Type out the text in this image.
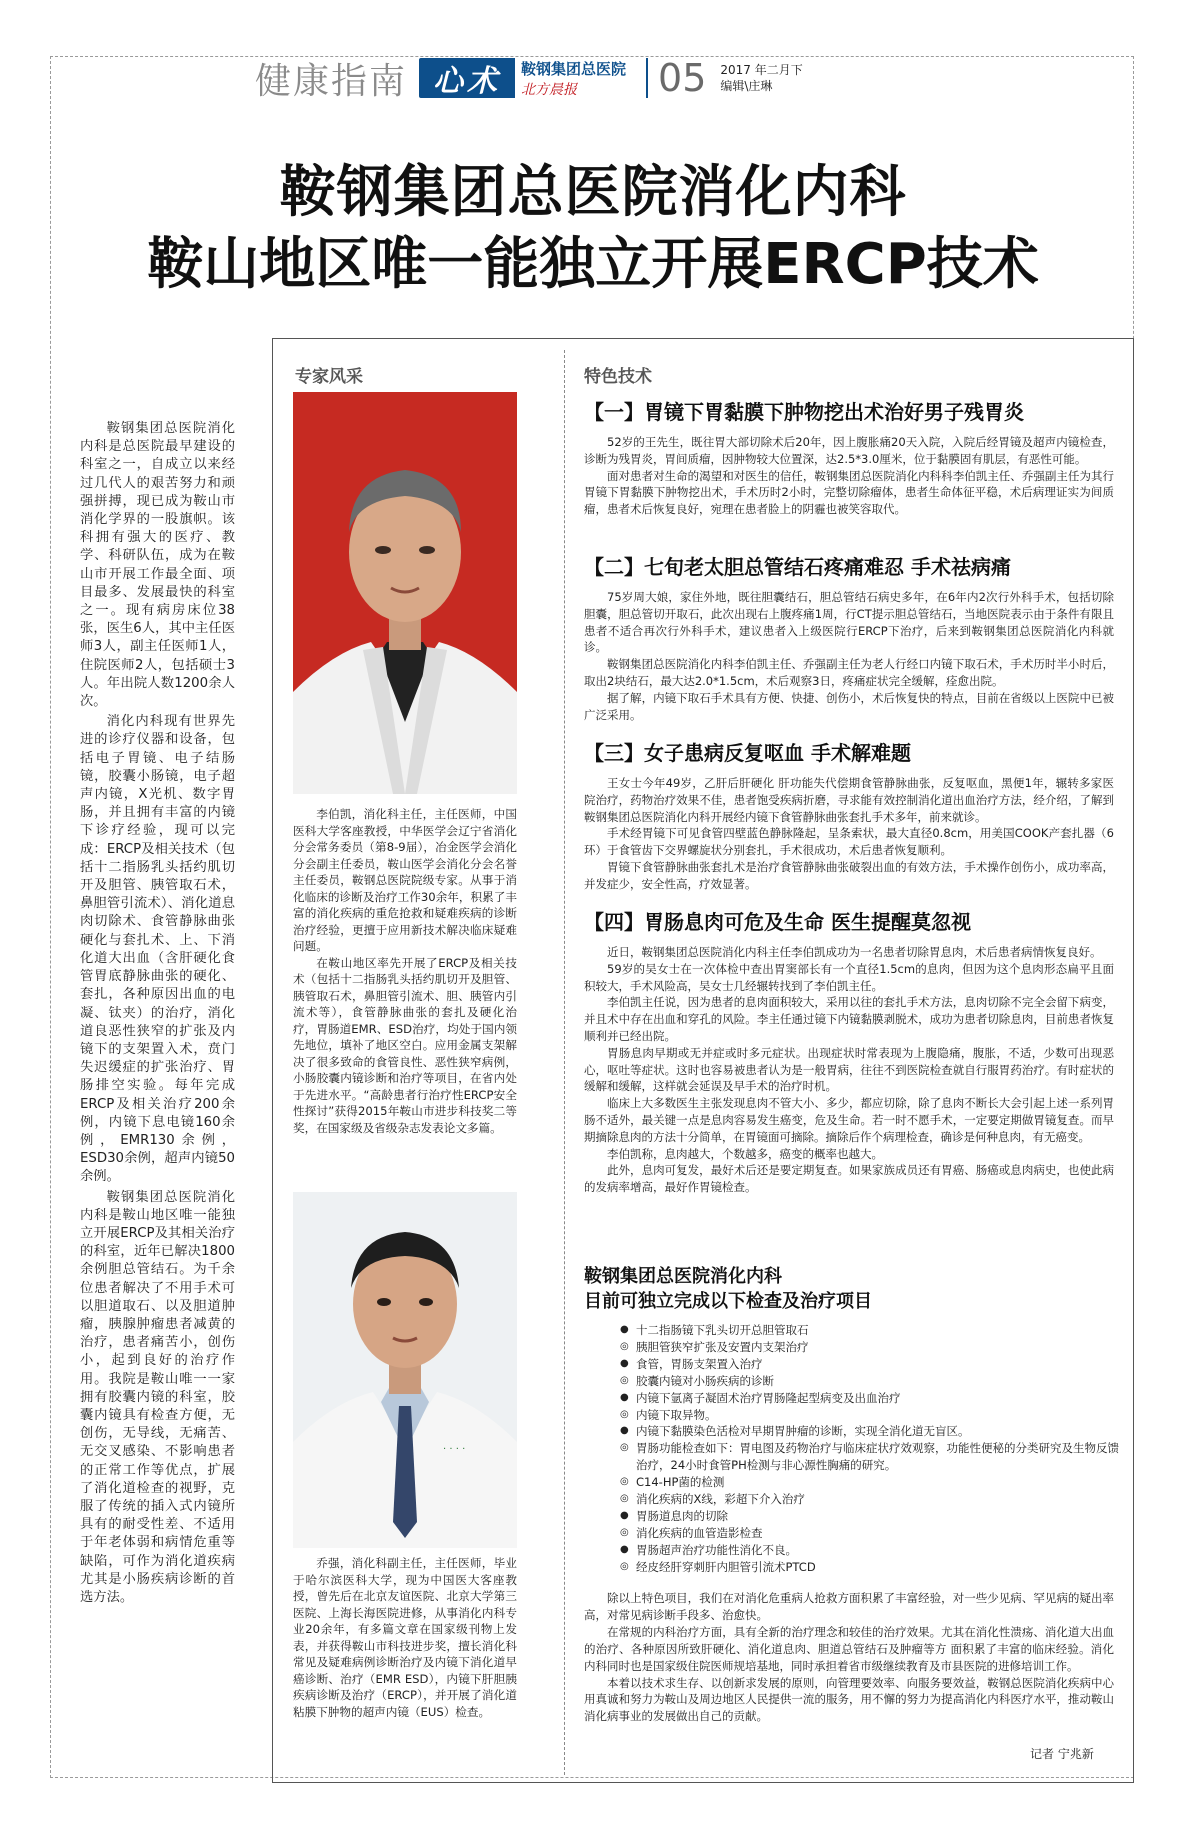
健康指南 心术	鞍钢集团总医院
北方晨报	05 2017 年二月下
编辑\庄琳
鞍钢集团总医院消化内科
鞍山地区唯一能独立开展ERCP技术

鞍钢集团总医院消化内科是总医院最早建设的科室之一，自成立以来经过几代人的艰苦努力和顽强拼搏，现已成为鞍山市消化学界的一股旗帜。该科拥有强大的医疗、教学、科研队伍，成为在鞍山市开展工作最全面、项目最多、发展最快的科室之一。现有病房床位38张，医生6人，其中主任医师3人，副主任医师1人，住院医师2人，包括硕士3人。年出院人数1200余人次。

消化内科现有世界先进的诊疗仪器和设备，包括电子胃镜、电子结肠镜，胶囊小肠镜，电子超声内镜，X光机、数字胃肠，并且拥有丰富的内镜下诊疗经验，现可以完成：ERCP及相关技术（包括十二指肠乳头括约肌切开及胆管、胰管取石术，鼻胆管引流术）、消化道息肉切除术、食管静脉曲张硬化与套扎术、上、下消化道大出血（含肝硬化食管胃底静脉曲张的硬化、套扎，各种原因出血的电凝、钛夹）的治疗，消化道良恶性狭窄的扩张及内镜下的支架置入术，贲门失迟缓症的扩张治疗、胃肠排空实验。每年完成ERCP及相关治疗200余例，内镜下息电镜160余例，EMR130余例，ESD30余例，超声内镜50余例。

鞍钢集团总医院消化内科是鞍山地区唯一能独立开展ERCP及其相关治疗的科室，近年已解决1800余例胆总管结石。为千余位患者解决了不用手术可以胆道取石、以及胆道肿瘤，胰腺肿瘤患者减黄的治疗，患者痛苦小，创伤小，起到良好的治疗作用。我院是鞍山唯一一家拥有胶囊内镜的科室，胶囊内镜具有检查方便，无创伤，无导线，无痛苦、无交叉感染、不影响患者的正常工作等优点，扩展了消化道检查的视野，克服了传统的插入式内镜所具有的耐受性差、不适用于年老体弱和病情危重等缺陷，可作为消化道疾病尤其是小肠疾病诊断的首选方法。

专家风采	特色技术

李伯凯，消化科主任，主任医师，中国医科大学客座教授，中华医学会辽宁省消化分会常务委员（第8-9届），冶金医学会消化分会副主任委员，鞍山医学会消化分会名誉主任委员，鞍钢总医院院级专家。从事于消化临床的诊断及治疗工作30余年，积累了丰富的消化疾病的重危抢救和疑难疾病的诊断治疗经验，更擅于应用新技术解决临床疑难问题。

在鞍山地区率先开展了ERCP及相关技术（包括十二指肠乳头括约肌切开及胆管、胰管取石术，鼻胆管引流术、胆、胰管内引流术等），食管静脉曲张的套扎及硬化治疗，胃肠道EMR、ESD治疗，均处于国内领先地位，填补了地区空白。应用金属支架解决了很多致命的食管良性、恶性狭窄病例，小肠胶囊内镜诊断和治疗等项目，在省内处于先进水平。“高龄患者行治疗性ERCP安全性探讨”获得2015年鞍山市进步科技奖二等奖，在国家级及省级杂志发表论文多篇。

· · · ·

乔强，消化科副主任，主任医师，毕业于哈尔滨医科大学，现为中国医大客座教授，曾先后在北京友谊医院、北京大学第三医院、上海长海医院进修，从事消化内科专业20余年，有多篇文章在国家级刊物上发表，并获得鞍山市科技进步奖，擅长消化科常见及疑难病例诊断治疗及内镜下消化道早癌诊断、治疗（EMR ESD），内镜下肝胆胰疾病诊断及治疗（ERCP），并开展了消化道粘膜下肿物的超声内镜（EUS）检查。

【一】胃镜下胃黏膜下肿物挖出术治好男子残胃炎

52岁的王先生，既往胃大部切除术后20年，因上腹胀痛20天入院，入院后经胃镜及超声内镜检查，诊断为残胃炎，胃间质瘤，因肿物较大位置深，达2.5*3.0厘米，位于黏膜固有肌层，有恶性可能。

面对患者对生命的渴望和对医生的信任，鞍钢集团总医院消化内科科李伯凯主任、乔强副主任为其行胃镜下胃黏膜下肿物挖出术，手术历时2小时，完整切除瘤体，患者生命体征平稳，术后病理证实为间质瘤，患者术后恢复良好，宛理在患者脸上的阴霾也被笑容取代。

【二】七旬老太胆总管结石疼痛难忍 手术祛病痛

75岁周大娘，家住外地，既往胆囊结石，胆总管结石病史多年，在6年内2次行外科手术，包括切除胆囊，胆总管切开取石，此次出现右上腹疼痛1周，行CT提示胆总管结石，当地医院表示由于条件有限且患者不适合再次行外科手术，建议患者入上级医院行ERCP下治疗，后来到鞍钢集团总医院消化内科就诊。

鞍钢集团总医院消化内科李伯凯主任、乔强副主任为老人行经口内镜下取石术，手术历时半小时后，取出2块结石，最大达2.0*1.5cm，术后观察3日，疼痛症状完全缓解，痊愈出院。

据了解，内镜下取石手术具有方便、快捷、创伤小，术后恢复快的特点，目前在省级以上医院中已被广泛采用。

【三】女子患病反复呕血 手术解难题

王女士今年49岁，乙肝后肝硬化 肝功能失代偿期食管静脉曲张，反复呕血，黑便1年，辗转多家医院治疗，药物治疗效果不佳，患者饱受疾病折磨，寻求能有效控制消化道出血治疗方法，经介绍，了解到鞍钢集团总医院消化内科开展经内镜下食管静脉曲张套扎手术多年，前来就诊。

手术经胃镜下可见食管四壁蓝色静脉隆起，呈条索状，最大直径0.8cm，用美国COOK产套扎器（6环）于食管齿下交界螺旋状分别套扎，手术很成功，术后患者恢复顺利。

胃镜下食管静脉曲张套扎术是治疗食管静脉曲张破裂出血的有效方法，手术操作创伤小，成功率高，并发症少，安全性高，疗效显著。

【四】胃肠息肉可危及生命 医生提醒莫忽视

近日，鞍钢集团总医院消化内科主任李伯凯成功为一名患者切除胃息肉，术后患者病情恢复良好。

59岁的吴女士在一次体检中查出胃窦部长有一个直径1.5cm的息肉，但因为这个息肉形态扁平且面积较大，手术风险高，吴女士几经辗转找到了李伯凯主任。

李伯凯主任说，因为患者的息肉面积较大，采用以往的套扎手术方法，息肉切除不完全会留下病变，并且术中存在出血和穿孔的风险。李主任通过镜下内镜黏膜剥脱术，成功为患者切除息肉，目前患者恢复顺利并已经出院。

胃肠息肉早期或无并症或时多元症状。出现症状时常表现为上腹隐痛，腹胀，不适，少数可出现恶心，呕吐等症状。这时也容易被患者认为是一般胃病，往往不到医院检查就自行服胃药治疗。有时症状的缓解和缓解，这样就会延误及早手术的治疗时机。

临床上大多数医生主张发现息肉不管大小、多少，都应切除，除了息肉不断长大会引起上述一系列胃肠不适外，最关键一点是息肉容易发生癌变，危及生命。若一时不愿手术，一定要定期做胃镜复查。而早期摘除息肉的方法十分简单，在胃镜面可摘除。摘除后作个病理检查，确诊是何种息肉，有无癌变。

李伯凯称，息肉越大，个数越多，癌变的概率也越大。

此外，息肉可复发，最好术后还是要定期复查。如果家族成员还有胃癌、肠癌或息肉病史，也使此病的发病率增高，最好作胃镜检查。

鞍钢集团总医院消化内科
目前可独立完成以下检查及治疗项目
● 十二指肠镜下乳头切开总胆管取石
◎ 胰胆管狭窄扩张及安置内支架治疗
● 食管，胃肠支架置入治疗
◎ 胶囊内镜对小肠疾病的诊断
● 内镜下氩离子凝固术治疗胃肠隆起型病变及出血治疗
◎ 内镜下取异物。
● 内镜下黏膜染色活检对早期胃肿瘤的诊断，实现全消化道无盲区。
◎ 胃肠功能检查如下：胃电图及药物治疗与临床症状疗效观察，功能性便秘的分类研究及生物反馈治疗，24小时食管PH检测与非心源性胸痛的研究。
◎ C14-HP菌的检测
◎ 消化疾病的X线，彩超下介入治疗
● 胃肠道息肉的切除
◎ 消化疾病的血管造影检查
● 胃肠超声治疗功能性消化不良。
◎ 经皮经肝穿刺肝内胆管引流术PTCD

除以上特色项目，我们在对消化危重病人抢救方面积累了丰富经验，对一些少见病、罕见病的疑出率高，对常见病诊断手段多、治愈快。

在常规的内科治疗方面，具有全新的治疗理念和较佳的治疗效果。尤其在消化性溃疡、消化道大出血的治疗、各种原因所致肝硬化、消化道息肉、胆道总管结石及肿瘤等方 面积累了丰富的临床经验。消化内科同时也是国家级住院医师规培基地，同时承担着省市级继续教育及市县医院的进修培训工作。

本着以技术求生存、以创新求发展的原则，向管理要效率、向服务要效益，鞍钢总医院消化疾病中心用真诚和努力为鞍山及周边地区人民提供一流的服务，用不懈的努力为提高消化内科医疗水平，推动鞍山消化病事业的发展做出自己的贡献。

记者 宁兆新
